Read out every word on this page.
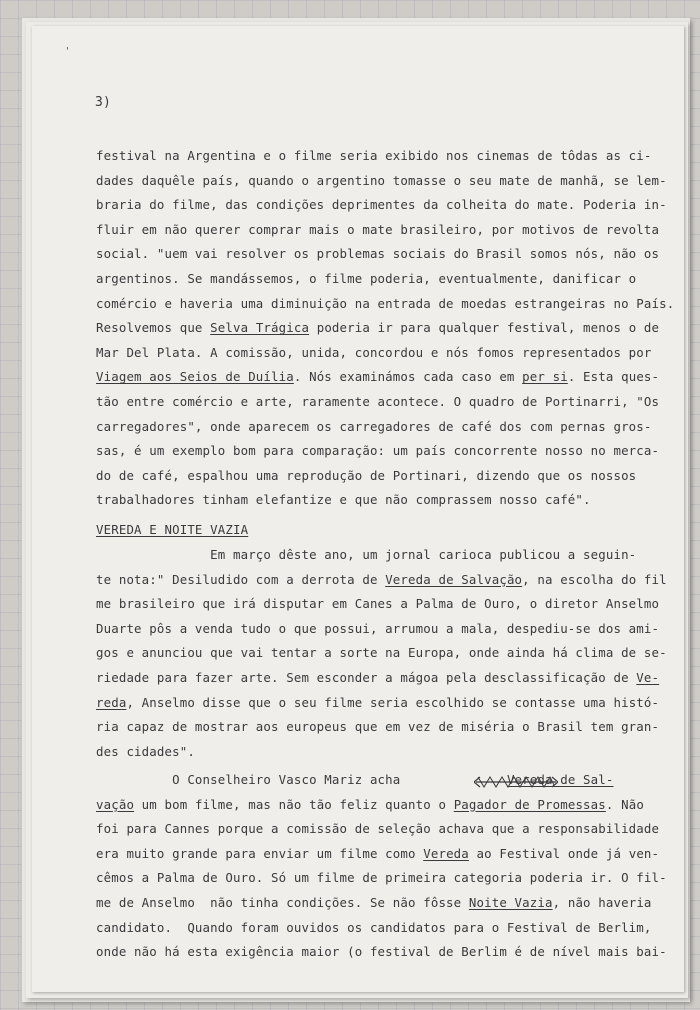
'
3)
festival na Argentina e o filme seria exibido nos cinemas de tôdas as ci-
dades daquêle país, quando o argentino tomasse o seu mate de manhã, se lem-
braria do filme, das condições deprimentes da colheita do mate. Poderia in-
fluir em não querer comprar mais o mate brasileiro, por motivos de revolta
social. "uem vai resolver os problemas sociais do Brasil somos nós, não os
argentinos. Se mandássemos, o filme poderia, eventualmente, danificar o
comércio e haveria uma diminuição na entrada de moedas estrangeiras no País.
Resolvemos que Selva Trágica poderia ir para qualquer festival, menos o de
Mar Del Plata. A comissão, unida, concordou e nós fomos representados por
Viagem aos Seios de Duília. Nós examinámos cada caso em per si. Esta ques-
tão entre comércio e arte, raramente acontece. O quadro de Portinarri, "Os
carregadores", onde aparecem os carregadores de café dos com pernas gros-
sas, é um exemplo bom para comparação: um país concorrente nosso no merca-
do de café, espalhou uma reprodução de Portinari, dizendo que os nossos
trabalhadores tinham elefantize e que não comprassem nosso café".
VEREDA E NOITE VAZIA
Em março dêste ano, um jornal carioca publicou a seguin-
te nota:" Desiludido com a derrota de Vereda de Salvação, na escolha do fil
me brasileiro que irá disputar em Canes a Palma de Ouro, o diretor Anselmo
Duarte pôs a venda tudo o que possui, arrumou a mala, despediu-se dos ami-
gos e anunciou que vai tentar a sorte na Europa, onde ainda há clima de se-
riedade para fazer arte. Sem esconder a mágoa pela desclassificação de Ve-
reda, Anselmo disse que o seu filme seria escolhido se contasse uma histó-
ria capaz de mostrar aos europeus que em vez de miséria o Brasil tem gran-
des cidades".
O Conselheiro Vasco Mariz acha              Vereda de Sal-
vação um bom filme, mas não tão feliz quanto o Pagador de Promessas. Não
foi para Cannes porque a comissão de seleção achava que a responsabilidade
era muito grande para enviar um filme como Vereda ao Festival onde já ven-
cêmos a Palma de Ouro. Só um filme de primeira categoria poderia ir. O fil-
me de Anselmo  não tinha condições. Se não fôsse Noite Vazia, não haveria
candidato.  Quando foram ouvidos os candidatos para o Festival de Berlim,
onde não há esta exigência maior (o festival de Berlim é de nível mais bai-
